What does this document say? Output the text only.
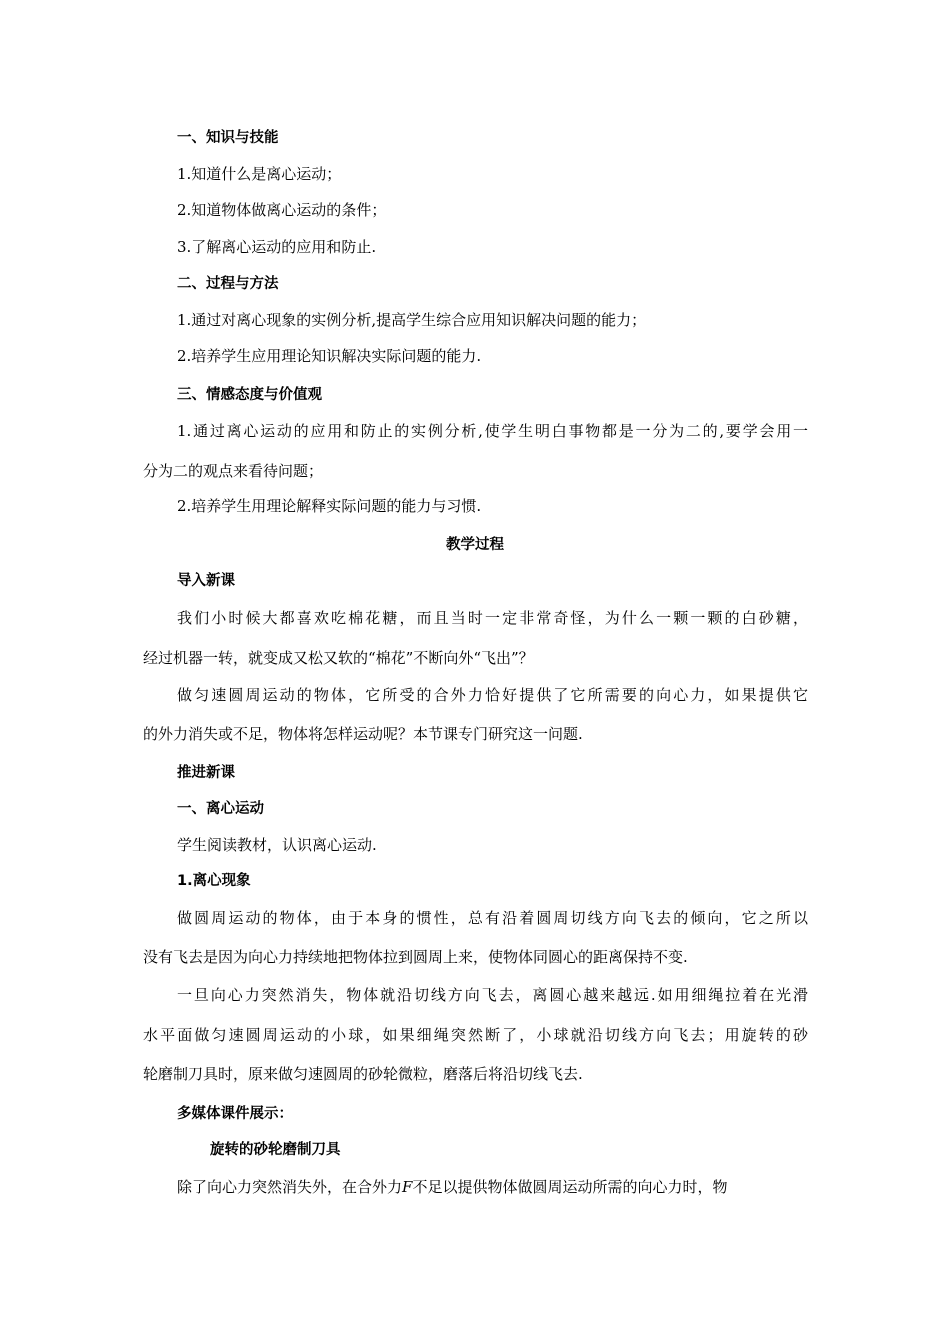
一、知识与技能
1.知道什么是离心运动；
2.知道物体做离心运动的条件；
3.了解离心运动的应用和防止.
二、过程与方法
1.通过对离心现象的实例分析,提高学生综合应用知识解决问题的能力；
2.培养学生应用理论知识解决实际问题的能力.
三、情感态度与价值观
1.通过离心运动的应用和防止的实例分析,使学生明白事物都是一分为二的,要学会用一
分为二的观点来看待问题；
2.培养学生用理论解释实际问题的能力与习惯.
教学过程
导入新课
我们小时候大都喜欢吃棉花糖，而且当时一定非常奇怪，为什么一颗一颗的白砂糖，
经过机器一转，就变成又松又软的“棉花”不断向外“飞出”？
做匀速圆周运动的物体，它所受的合外力恰好提供了它所需要的向心力，如果提供它
的外力消失或不足，物体将怎样运动呢？本节课专门研究这一问题.
推进新课
一、离心运动
学生阅读教材，认识离心运动.
1.离心现象
做圆周运动的物体，由于本身的惯性，总有沿着圆周切线方向飞去的倾向，它之所以
没有飞去是因为向心力持续地把物体拉到圆周上来，使物体同圆心的距离保持不变.
一旦向心力突然消失，物体就沿切线方向飞去，离圆心越来越远.如用细绳拉着在光滑
水平面做匀速圆周运动的小球，如果细绳突然断了，小球就沿切线方向飞去；用旋转的砂
轮磨制刀具时，原来做匀速圆周的砂轮微粒，磨落后将沿切线飞去.
多媒体课件展示：
旋转的砂轮磨制刀具
除了向心力突然消失外，在合外力F不足以提供物体做圆周运动所需的向心力时，物
